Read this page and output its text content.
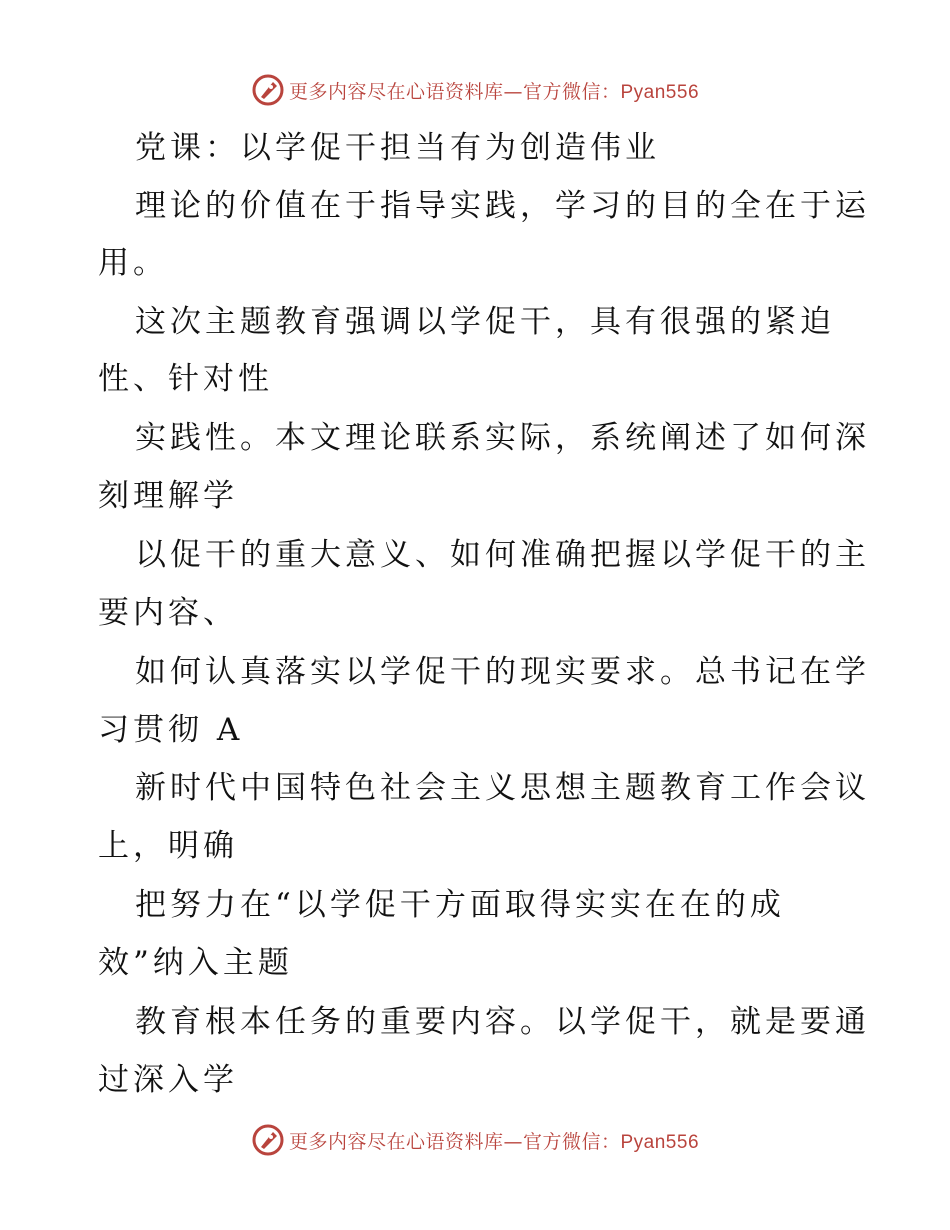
更多内容尽在心语资料库—官方微信：Pyan556
党课：以学促干担当有为创造伟业
理论的价值在于指导实践，学习的目的全在于运
用。
这次主题教育强调以学促干，具有很强的紧迫
性、针对性
实践性。本文理论联系实际，系统阐述了如何深
刻理解学
以促干的重大意义、如何准确把握以学促干的主
要内容、
如何认真落实以学促干的现实要求。总书记在学
习贯彻 A
新时代中国特色社会主义思想主题教育工作会议
上，明确
把努力在“以学促干方面取得实实在在的成
效”纳入主题
教育根本任务的重要内容。以学促干，就是要通
过深入学
更多内容尽在心语资料库—官方微信：Pyan556
